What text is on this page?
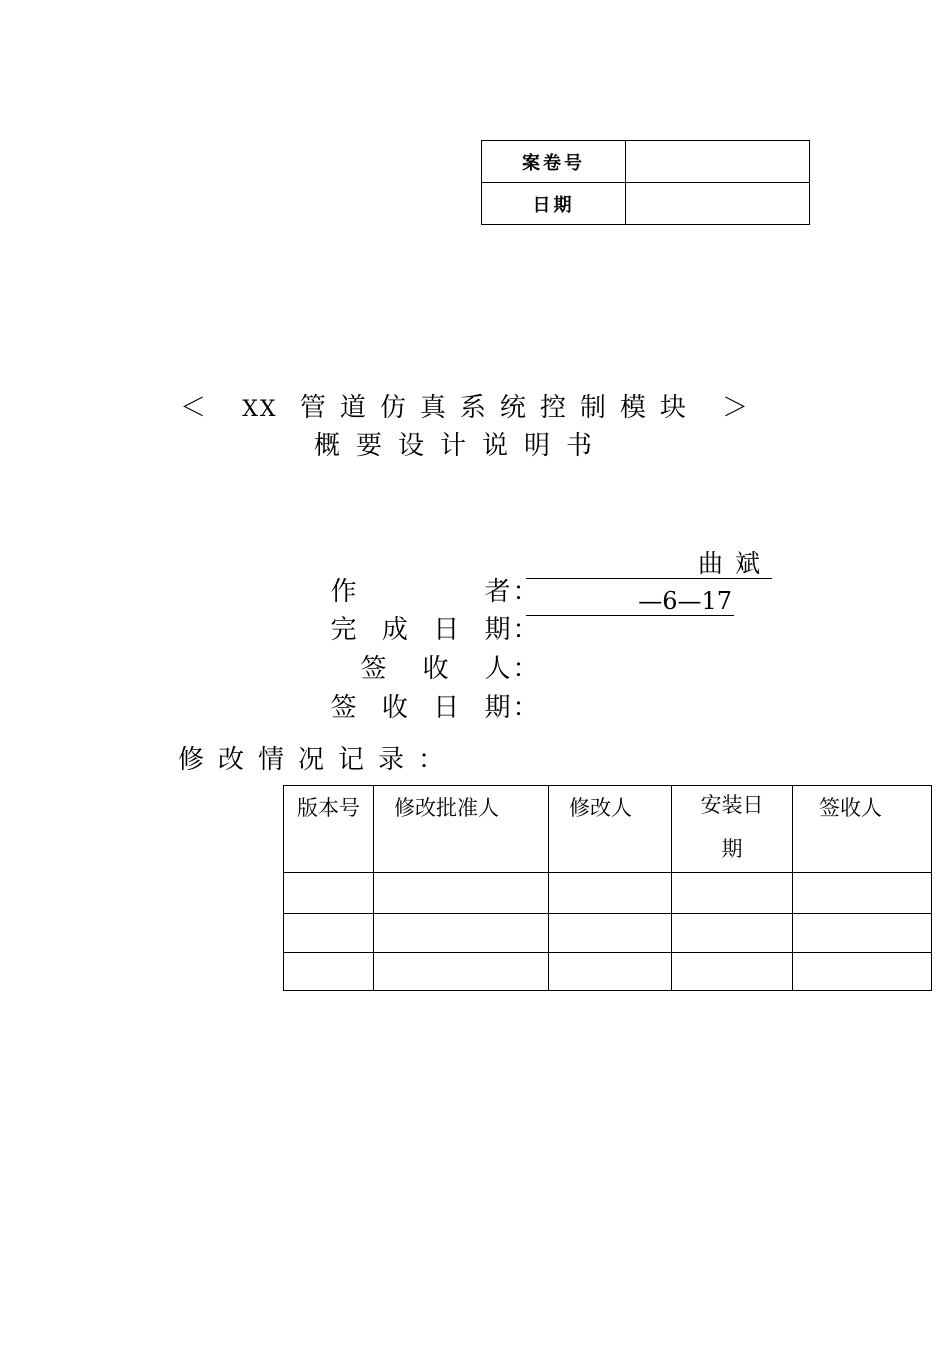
案卷号	
日期	
＜ XX 管道仿真系统控制模块 ＞
概要设计说明书

作者：
曲斌

完成日期：
—6—17

签收人：

签收日期：

修改情况记录：
版本号	修改批准人	修改人	安装日期	签收人
